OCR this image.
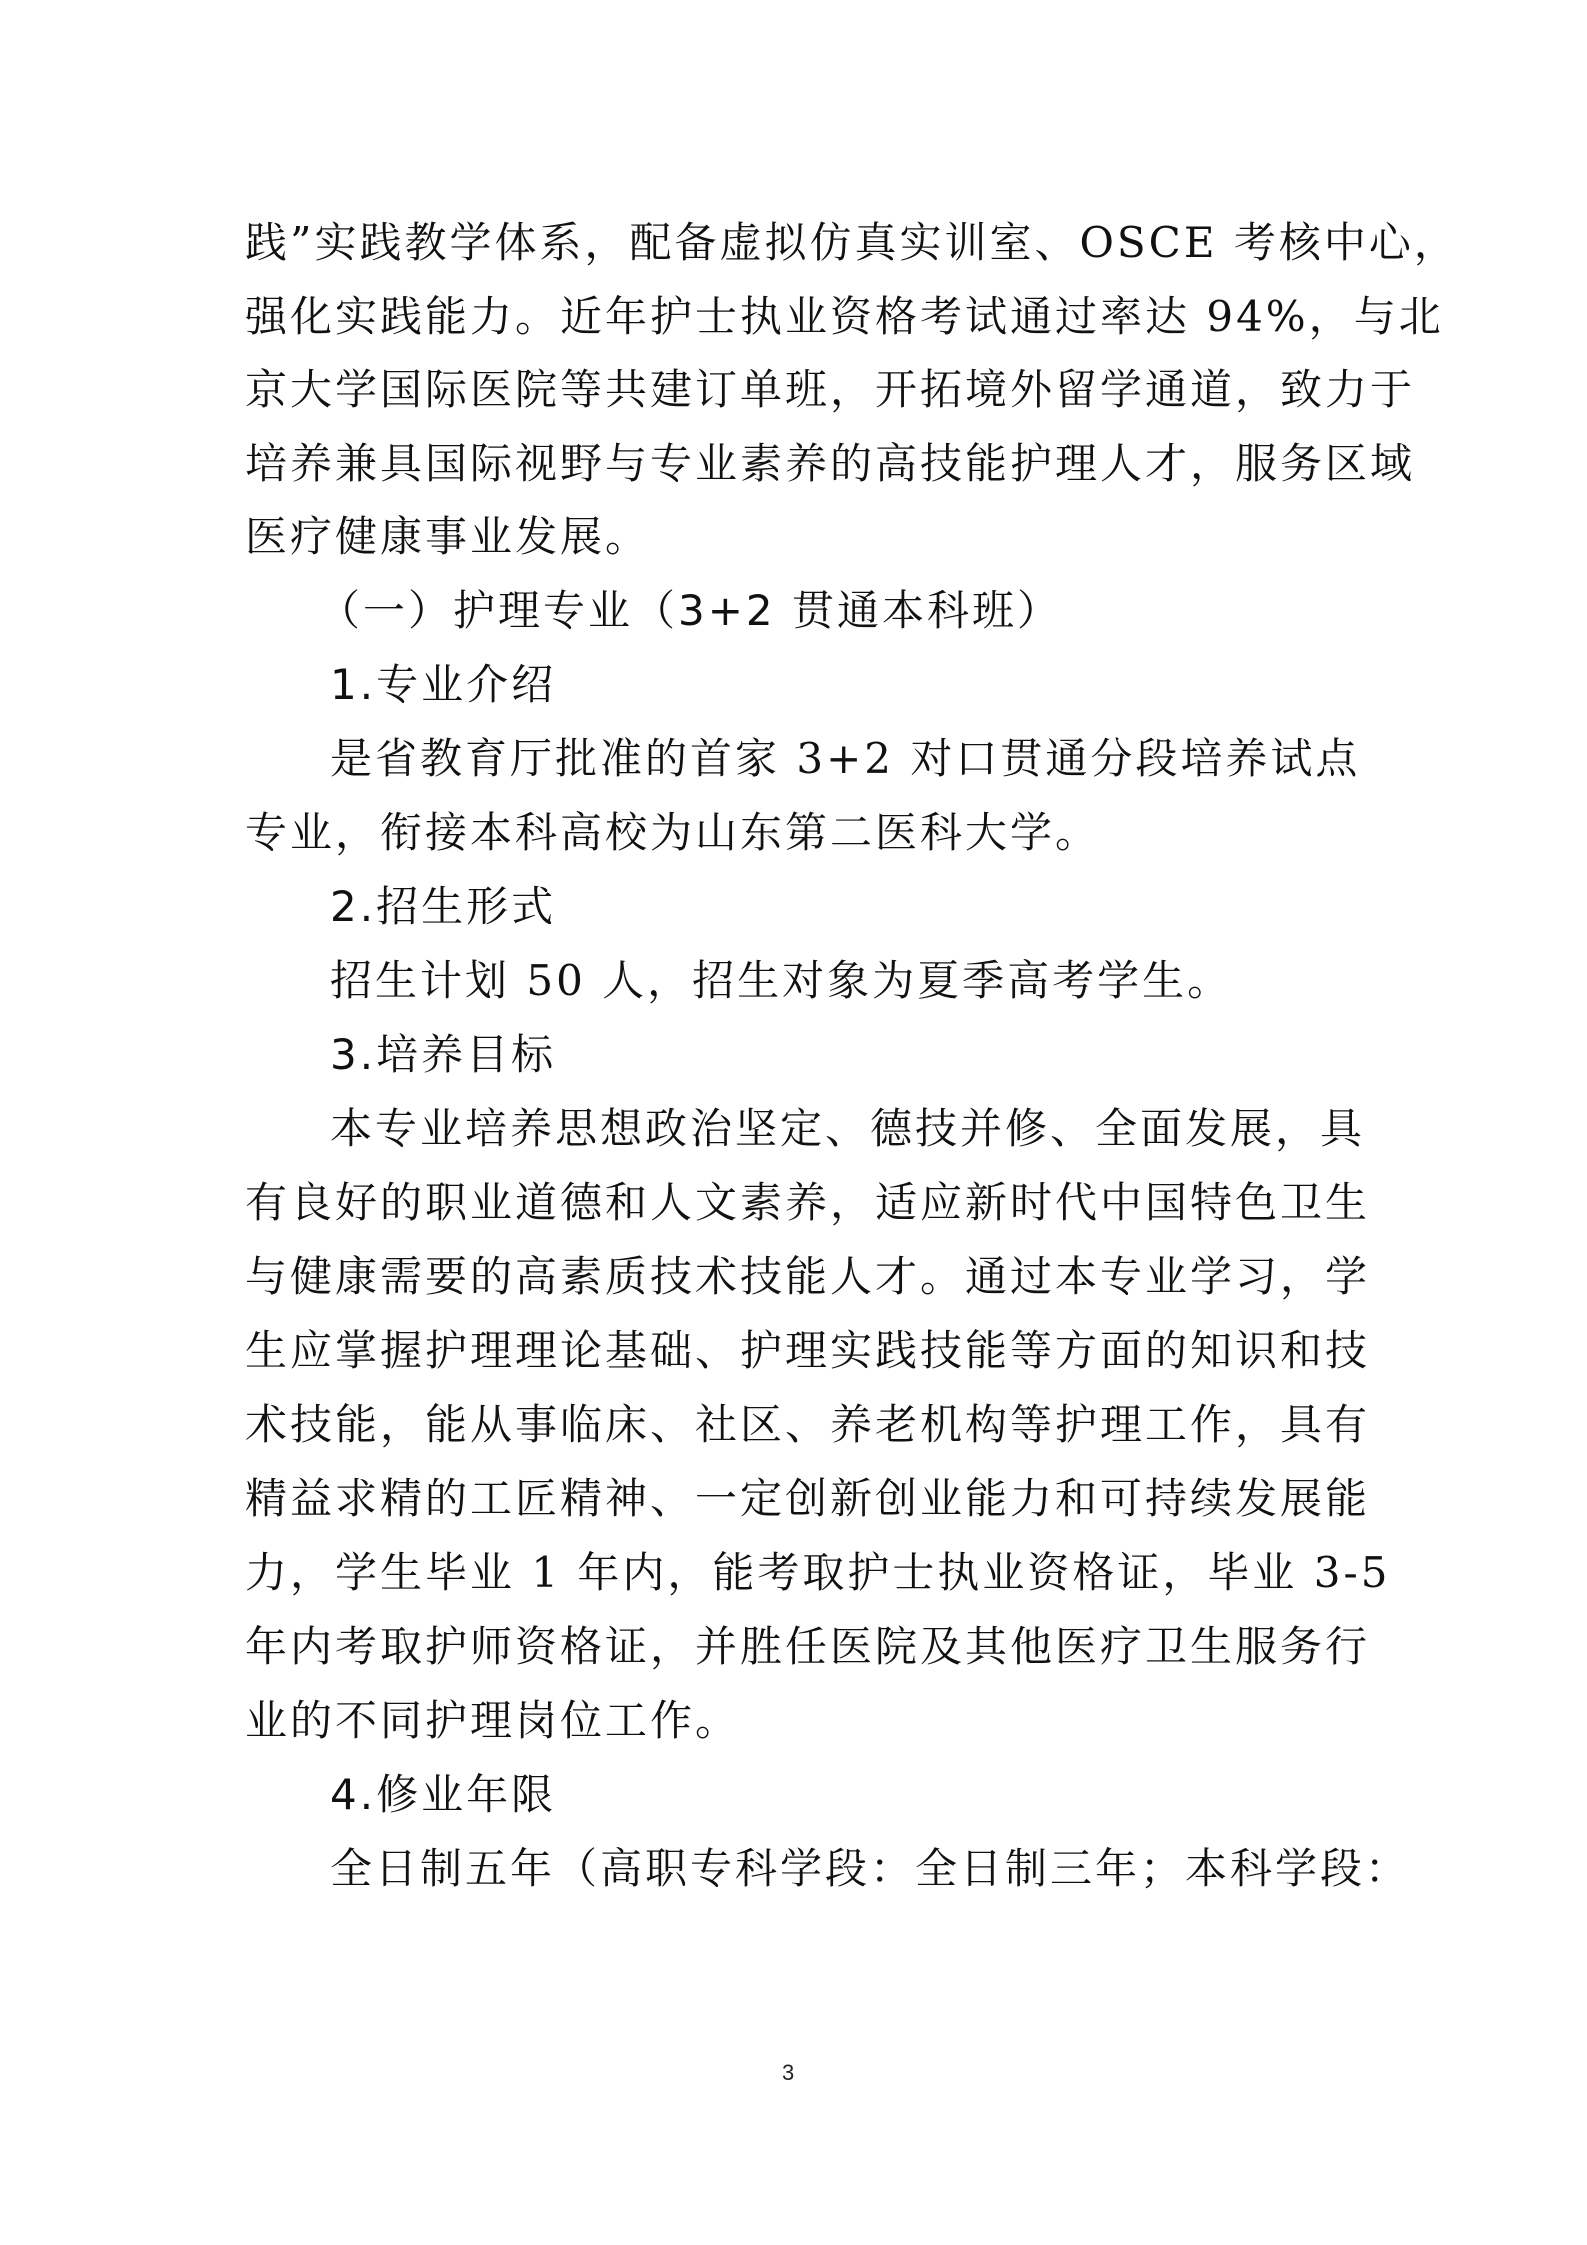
践”实践教学体系，配备虚拟仿真实训室、OSCE 考核中心，
强化实践能力。近年护士执业资格考试通过率达 94%，与北
京大学国际医院等共建订单班，开拓境外留学通道，致力于
培养兼具国际视野与专业素养的高技能护理人才，服务区域
医疗健康事业发展。
（一）护理专业（3+2 贯通本科班）
1.专业介绍
是省教育厅批准的首家 3+2 对口贯通分段培养试点
专业，衔接本科高校为山东第二医科大学。
2.招生形式
招生计划 50 人，招生对象为夏季高考学生。
3.培养目标
本专业培养思想政治坚定、德技并修、全面发展，具
有良好的职业道德和人文素养，适应新时代中国特色卫生
与健康需要的高素质技术技能人才。通过本专业学习，学
生应掌握护理理论基础、护理实践技能等方面的知识和技
术技能，能从事临床、社区、养老机构等护理工作，具有
精益求精的工匠精神、一定创新创业能力和可持续发展能
力，学生毕业 1 年内，能考取护士执业资格证，毕业 3-5
年内考取护师资格证，并胜任医院及其他医疗卫生服务行
业的不同护理岗位工作。
4.修业年限
全日制五年（高职专科学段：全日制三年；本科学段：
3
